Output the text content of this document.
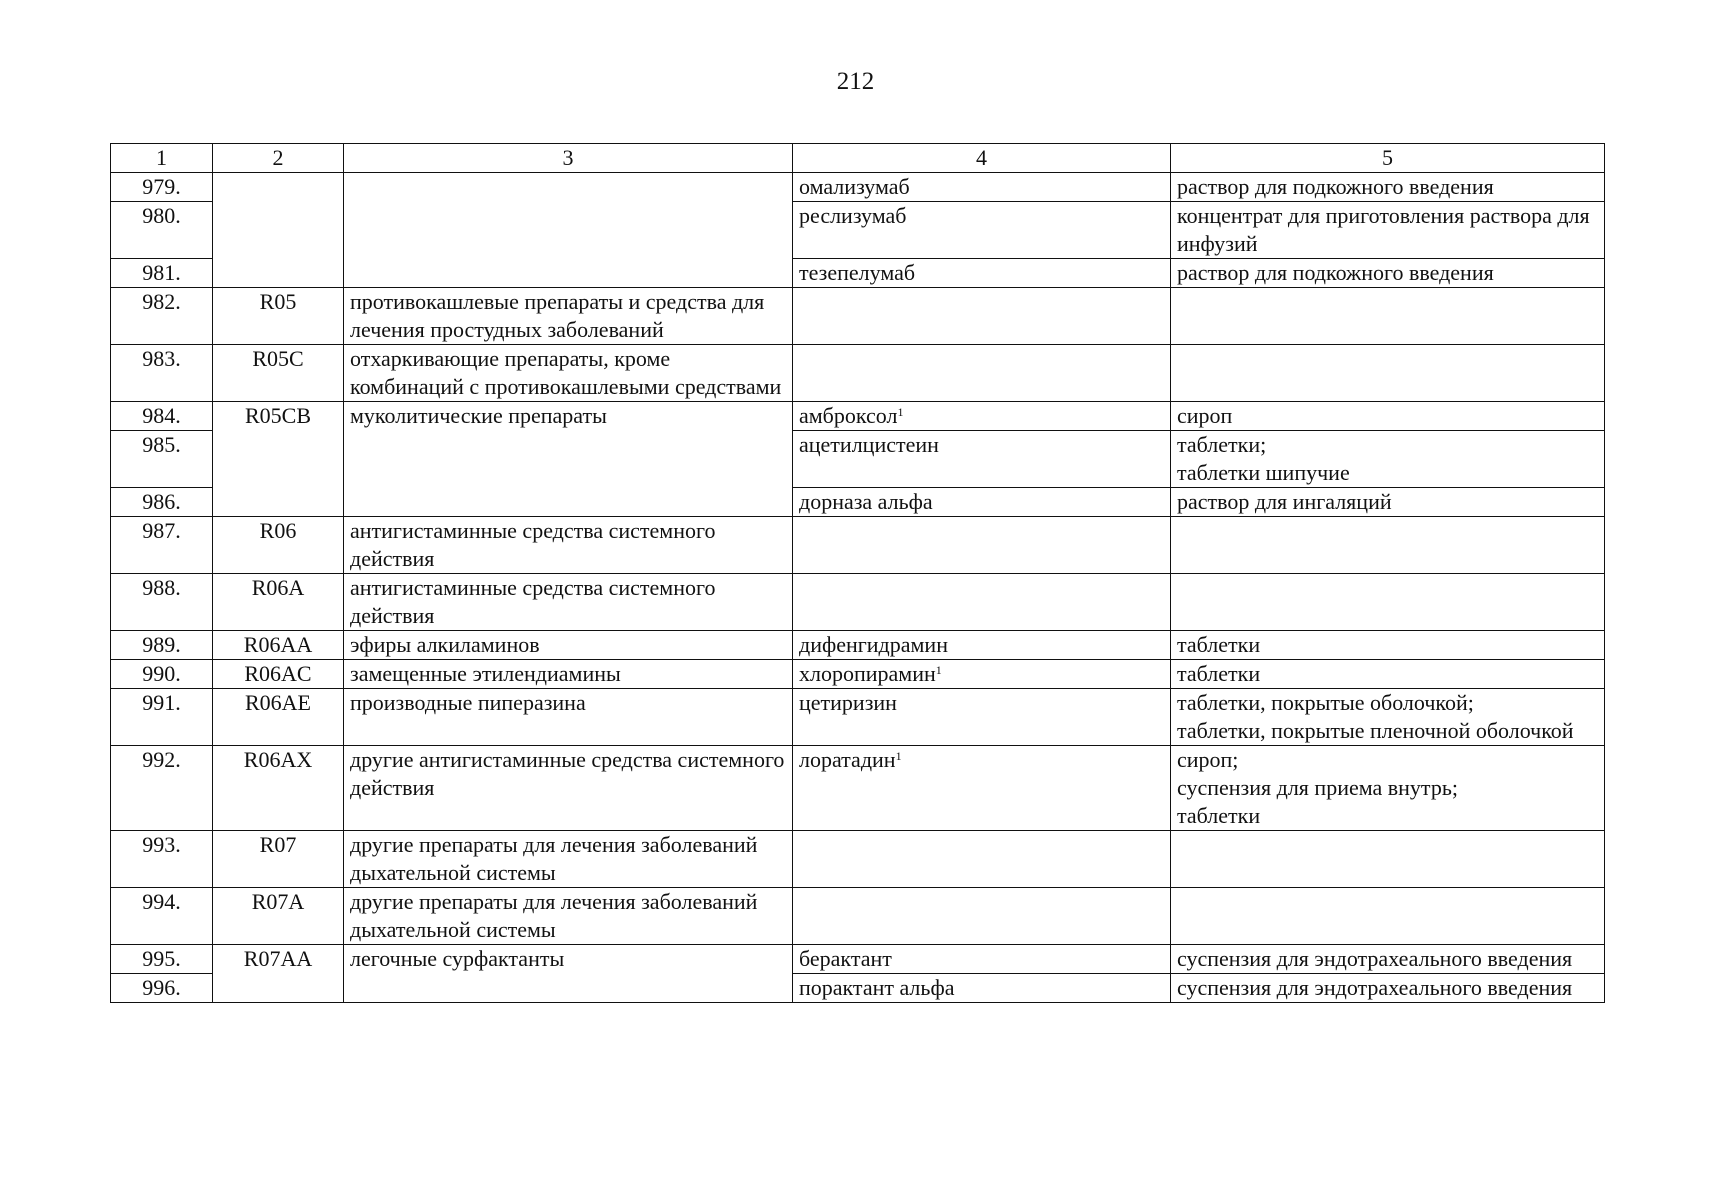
212
1	2	3	4	5
979.			омализумаб	раствор для подкожного введения

980.			реслизумаб	концентрат для приготовления раствора для инфузий

981.			тезепелумаб	раствор для подкожного введения

982.	R05	противокашлевые препараты и средства для лечения простудных заболеваний		
983.	R05C	отхаркивающие препараты, кроме комбинаций с противокашлевыми средствами		
984.	R05CB	муколитические препараты	амброксол$^1$	сироп

985.			ацетилцистеин	таблетки;
таблетки шипучие

986.			дорназа альфа	раствор для ингаляций

987.	R06	антигистаминные средства системного действия		
988.	R06A	антигистаминные средства системного действия		
989.	R06AA	эфиры алкиламинов	дифенгидрамин	таблетки

990.	R06AC	замещенные этилендиамины	хлоропирамин$^1$	таблетки

991.	R06AE	производные пиперазина	цетиризин	таблетки, покрытые оболочкой;
таблетки, покрытые пленочной оболочкой

992.	R06AX	другие антигистаминные средства системного действия	лоратадин$^1$	сироп;
суспензия для приема внутрь;
таблетки

993.	R07	другие препараты для лечения заболеваний дыхательной системы		
994.	R07A	другие препараты для лечения заболеваний дыхательной системы		
995.	R07AA	легочные сурфактанты	берактант	суспензия для эндотрахеального введения

996.			порактант альфа	суспензия для эндотрахеального введения
